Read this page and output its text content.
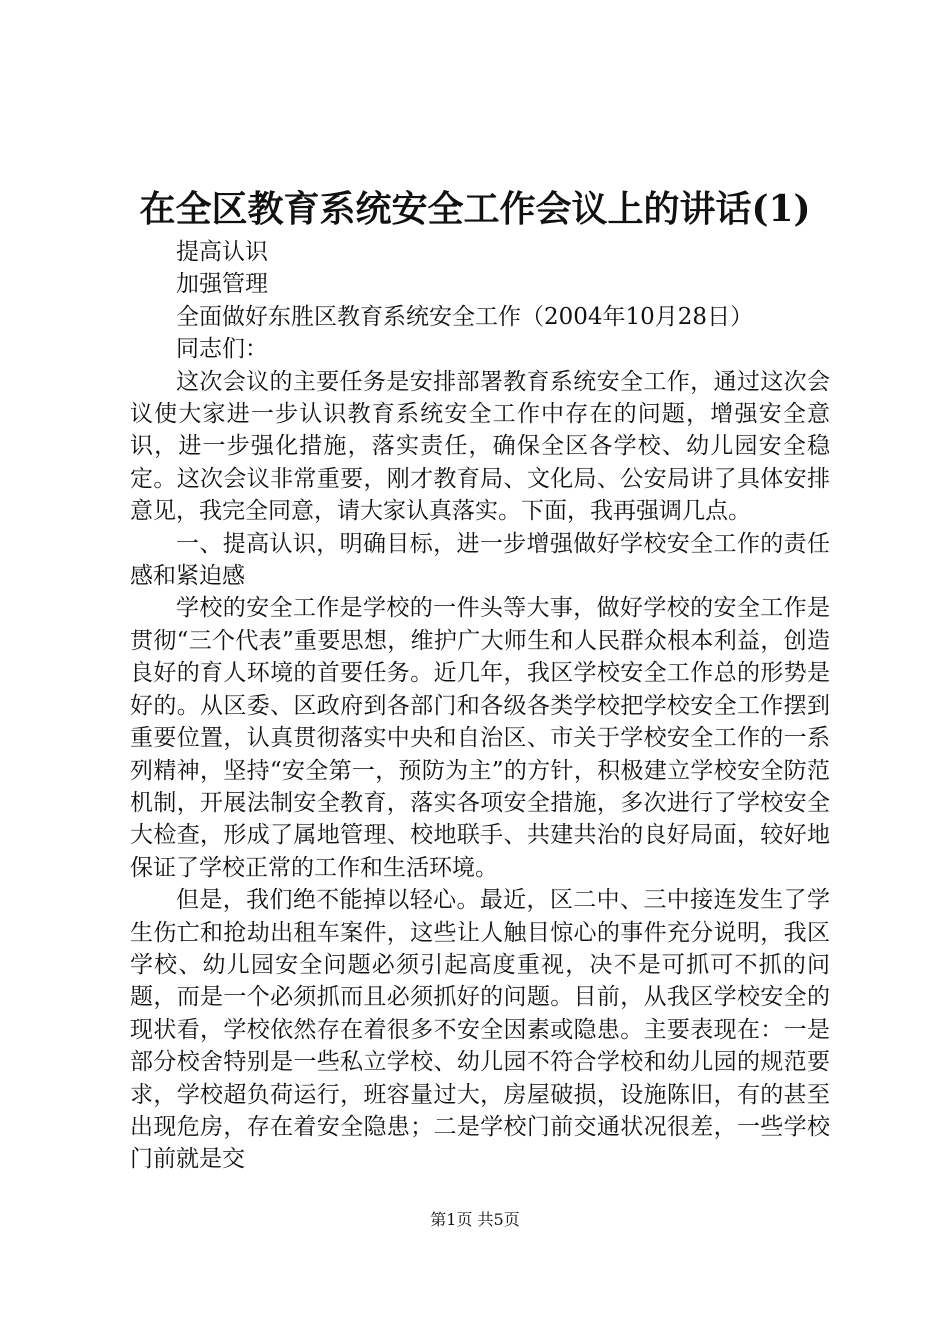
在全区教育系统安全工作会议上的讲话(1)

提高认识

加强管理

全面做好东胜区教育系统安全工作（2004年10月28日）

同志们：

这次会议的主要任务是安排部署教育系统安全工作，通过这次会议使大家进一步认识教育系统安全工作中存在的问题，增强安全意识，进一步强化措施，落实责任，确保全区各学校、幼儿园安全稳定。这次会议非常重要，刚才教育局、文化局、公安局讲了具体安排意见，我完全同意，请大家认真落实。下面，我再强调几点。

一、提高认识，明确目标，进一步增强做好学校安全工作的责任感和紧迫感

学校的安全工作是学校的一件头等大事，做好学校的安全工作是贯彻“三个代表”重要思想，维护广大师生和人民群众根本利益，创造良好的育人环境的首要任务。近几年，我区学校安全工作总的形势是好的。从区委、区政府到各部门和各级各类学校把学校安全工作摆到重要位置，认真贯彻落实中央和自治区、市关于学校安全工作的一系列精神，坚持“安全第一，预防为主”的方针，积极建立学校安全防范机制，开展法制安全教育，落实各项安全措施，多次进行了学校安全大检查，形成了属地管理、校地联手、共建共治的良好局面，较好地保证了学校正常的工作和生活环境。

但是，我们绝不能掉以轻心。最近，区二中、三中接连发生了学生伤亡和抢劫出租车案件，这些让人触目惊心的事件充分说明，我区学校、幼儿园安全问题必须引起高度重视，决不是可抓可不抓的问题，而是一个必须抓而且必须抓好的问题。目前，从我区学校安全的现状看，学校依然存在着很多不安全因素或隐患。主要表现在：一是部分校舍特别是一些私立学校、幼儿园不符合学校和幼儿园的规范要求，学校超负荷运行，班容量过大，房屋破损，设施陈旧，有的甚至出现危房，存在着安全隐患；二是学校门前交通状况很差，一些学校门前就是交

第1页 共5页
